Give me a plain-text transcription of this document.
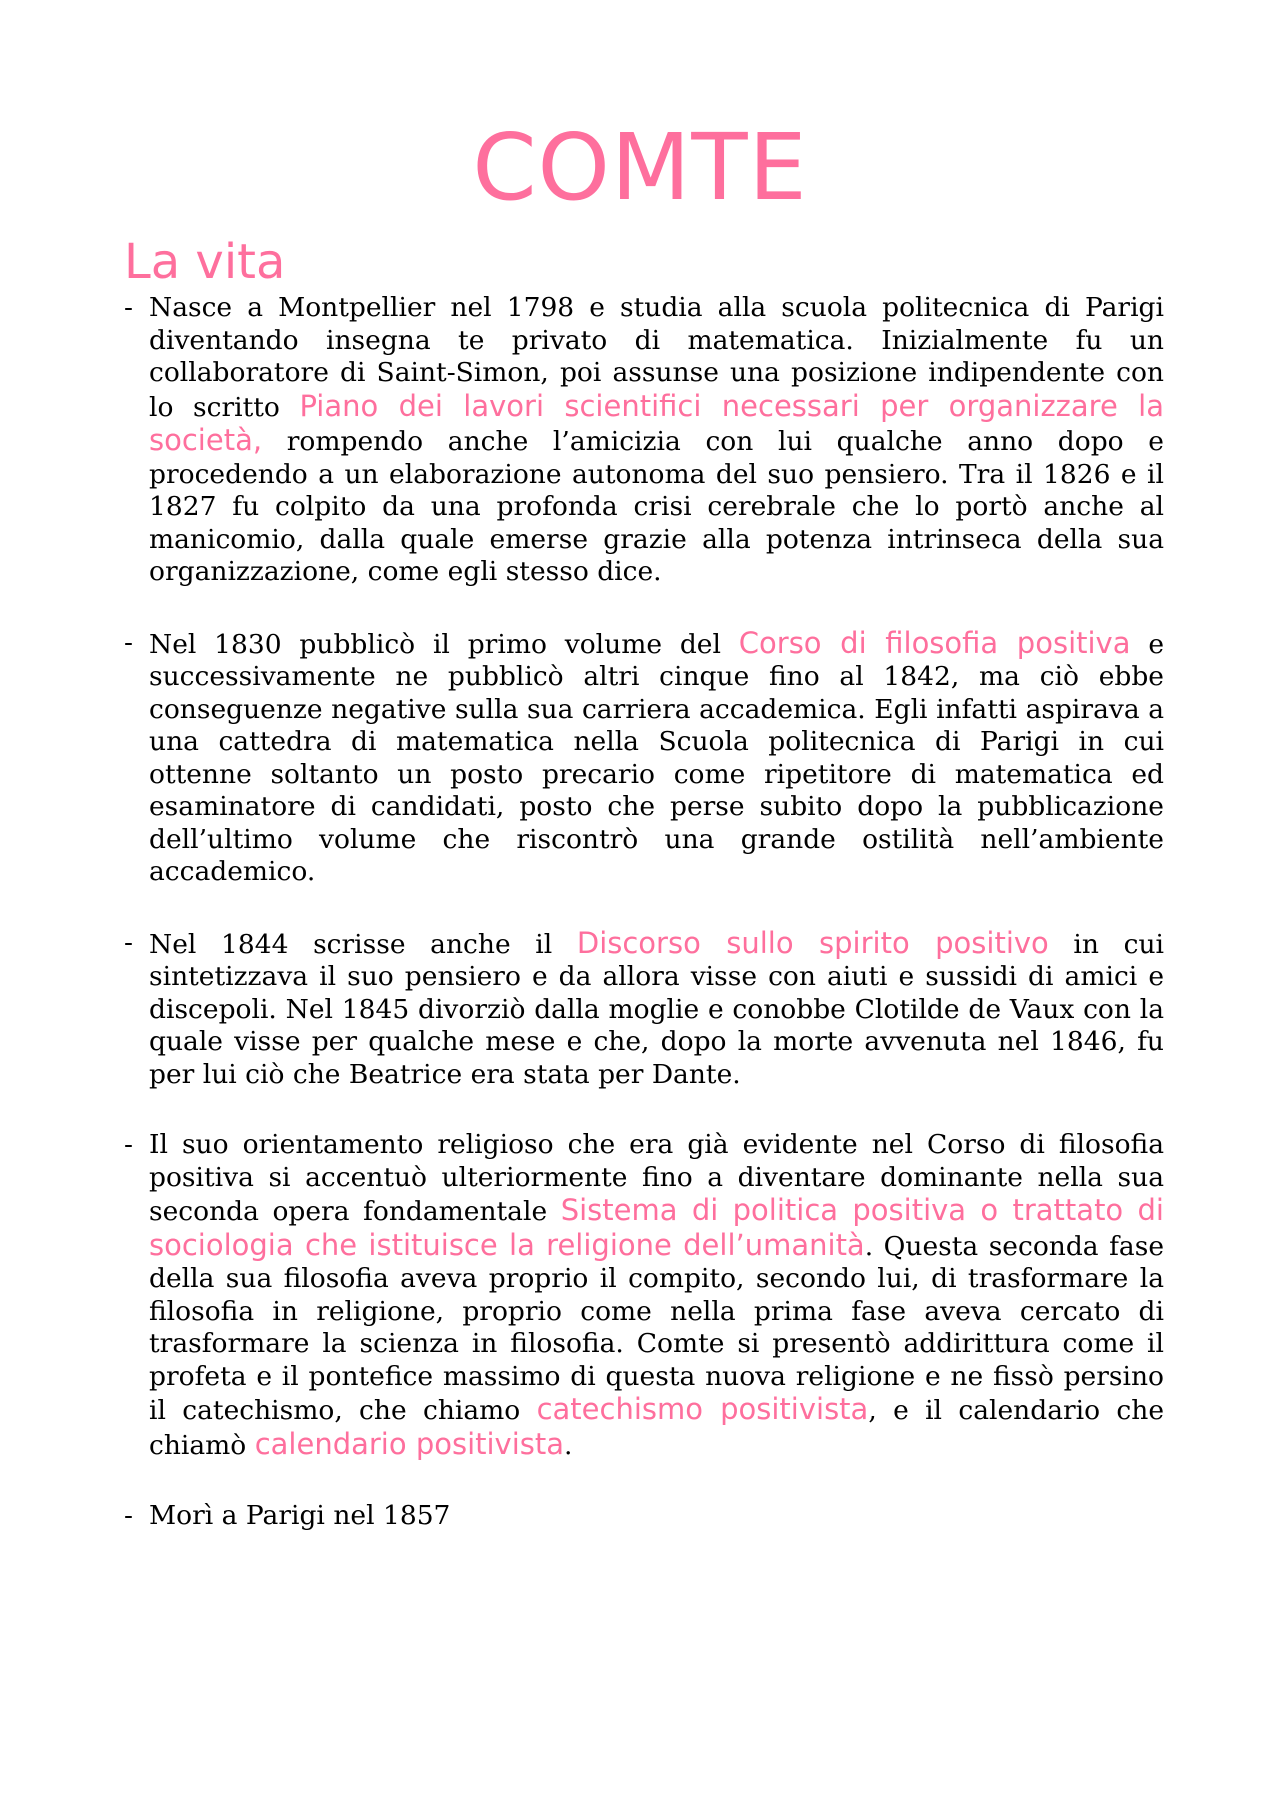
COMTE
La vita
- Nasce a Montpellier nel 1798 e studia alla scuola politecnica di Parigi diventando insegna te privato di matematica. Inizialmente fu un collaboratore di Saint-Simon, poi assunse una posizione indipendente con lo scritto Piano dei lavori scientifici necessari per organizzare la società, rompendo anche l’amicizia con lui qualche anno dopo e procedendo a un elaborazione autonoma del suo pensiero. Tra il 1826 e il 1827 fu colpito da una profonda crisi cerebrale che lo portò anche al manicomio, dalla quale emerse grazie alla potenza intrinseca della sua organizzazione, come egli stesso dice.
- Nel 1830 pubblicò il primo volume del Corso di filosofia positiva e successivamente ne pubblicò altri cinque fino al 1842, ma ciò ebbe conseguenze negative sulla sua carriera accademica. Egli infatti aspirava a una cattedra di matematica nella Scuola politecnica di Parigi in cui ottenne soltanto un posto precario come ripetitore di matematica ed esaminatore di candidati, posto che perse subito dopo la pubblicazione dell’ultimo volume che riscontrò una grande ostilità nell’ambiente accademico.
- Nel 1844 scrisse anche il Discorso sullo spirito positivo in cui sintetizzava il suo pensiero e da allora visse con aiuti e sussidi di amici e discepoli. Nel 1845 divorziò dalla moglie e conobbe Clotilde de Vaux con la quale visse per qualche mese e che, dopo la morte avvenuta nel 1846, fu per lui ciò che Beatrice era stata per Dante.
- Il suo orientamento religioso che era già evidente nel Corso di filosofia positiva si accentuò ulteriormente fino a diventare dominante nella sua seconda opera fondamentale Sistema di politica positiva o trattato di sociologia che istituisce la religione dell’umanità. Questa seconda fase della sua filosofia aveva proprio il compito, secondo lui, di trasformare la filosofia in religione, proprio come nella prima fase aveva cercato di trasformare la scienza in filosofia. Comte si presentò addirittura come il profeta e il pontefice massimo di questa nuova religione e ne fissò persino il catechismo, che chiamo catechismo positivista, e il calendario che chiamò calendario positivista.
- Morì a Parigi nel 1857
